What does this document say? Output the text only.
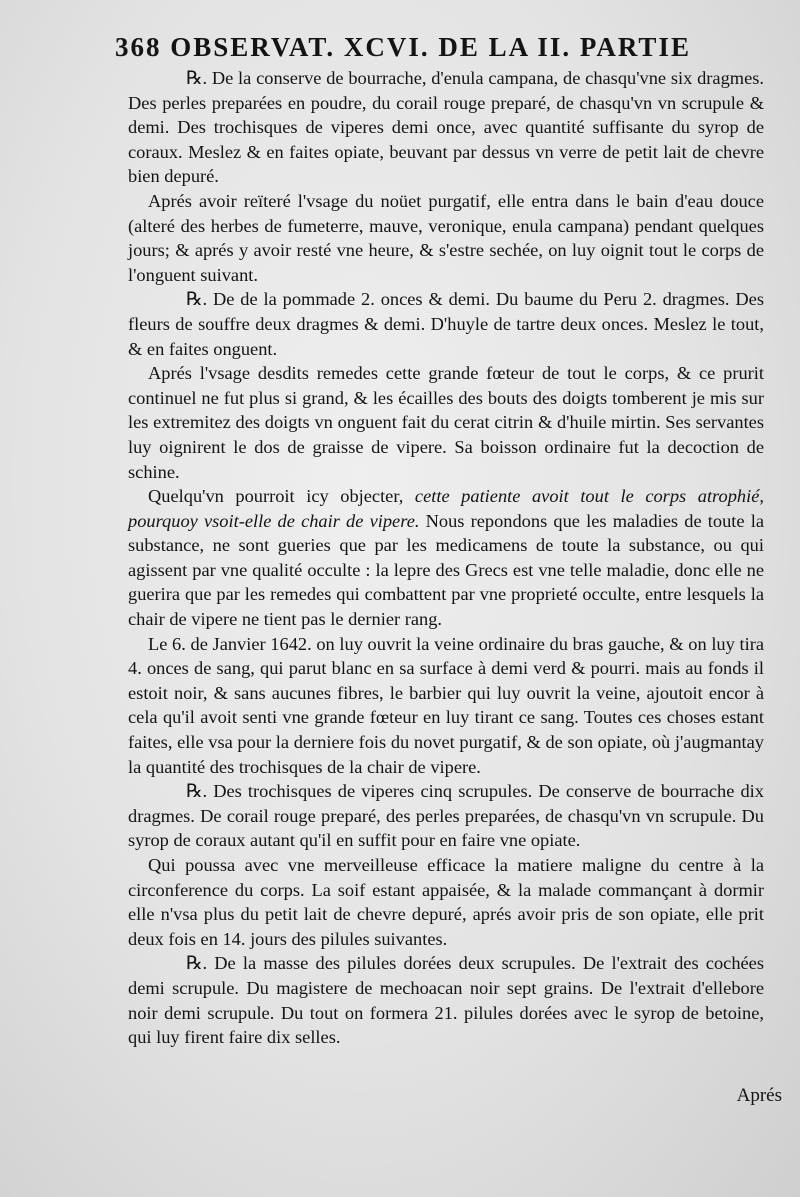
368 OBSERVAT. XCVI. DE LA II. PARTIE

℞. De la conserve de bourrache, d'enula campana, de chasqu'vne six dragmes. Des perles preparées en poudre, du corail rouge preparé, de chasqu'vn vn scrupule & demi. Des trochisques de viperes demi once, avec quantité suffisante du syrop de coraux. Meslez & en faites opiate, beuvant par dessus vn verre de petit lait de chevre bien depuré.

Aprés avoir reïteré l'vsage du noüet purgatif, elle entra dans le bain d'eau douce (alteré des herbes de fumeterre, mauve, veronique, enula campana) pendant quelques jours; & aprés y avoir resté vne heure, & s'estre sechée, on luy oignit tout le corps de l'onguent suivant.

℞. De de la pommade 2. onces & demi. Du baume du Peru 2. dragmes. Des fleurs de souffre deux dragmes & demi. D'huyle de tartre deux onces. Meslez le tout, & en faites onguent.

Aprés l'vsage desdits remedes cette grande fœteur de tout le corps, & ce prurit continuel ne fut plus si grand, & les écailles des bouts des doigts tomberent je mis sur les extremitez des doigts vn onguent fait du cerat citrin & d'huile mirtin. Ses servantes luy oignirent le dos de graisse de vipere. Sa boisson ordinaire fut la decoction de schine.

Quelqu'vn pourroit icy objecter, cette patiente avoit tout le corps atrophié, pourquoy vsoit-elle de chair de vipere. Nous repondons que les maladies de toute la substance, ne sont gueries que par les medicamens de toute la substance, ou qui agissent par vne qualité occulte : la lepre des Grecs est vne telle maladie, donc elle ne guerira que par les remedes qui combattent par vne proprieté occulte, entre lesquels la chair de vipere ne tient pas le dernier rang.

Le 6. de Janvier 1642. on luy ouvrit la veine ordinaire du bras gauche, & on luy tira 4. onces de sang, qui parut blanc en sa surface à demi verd & pourri. mais au fonds il estoit noir, & sans aucunes fibres, le barbier qui luy ouvrit la veine, ajoutoit encor à cela qu'il avoit senti vne grande fœteur en luy tirant ce sang. Toutes ces choses estant faites, elle vsa pour la derniere fois du novet purgatif, & de son opiate, où j'augmantay la quantité des trochisques de la chair de vipere.

℞. Des trochisques de viperes cinq scrupules. De conserve de bourrache dix dragmes. De corail rouge preparé, des perles preparées, de chasqu'vn vn scrupule. Du syrop de coraux autant qu'il en suffit pour en faire vne opiate.

Qui poussa avec vne merveilleuse efficace la matiere maligne du centre à la circonference du corps. La soif estant appaisée, & la malade commançant à dormir elle n'vsa plus du petit lait de chevre depuré, aprés avoir pris de son opiate, elle prit deux fois en 14. jours des pilules suivantes.

℞. De la masse des pilules dorées deux scrupules. De l'extrait des cochées demi scrupule. Du magistere de mechoacan noir sept grains. De l'extrait d'ellebore noir demi scrupule. Du tout on formera 21. pilules dorées avec le syrop de betoine, qui luy firent faire dix selles.

Aprés
